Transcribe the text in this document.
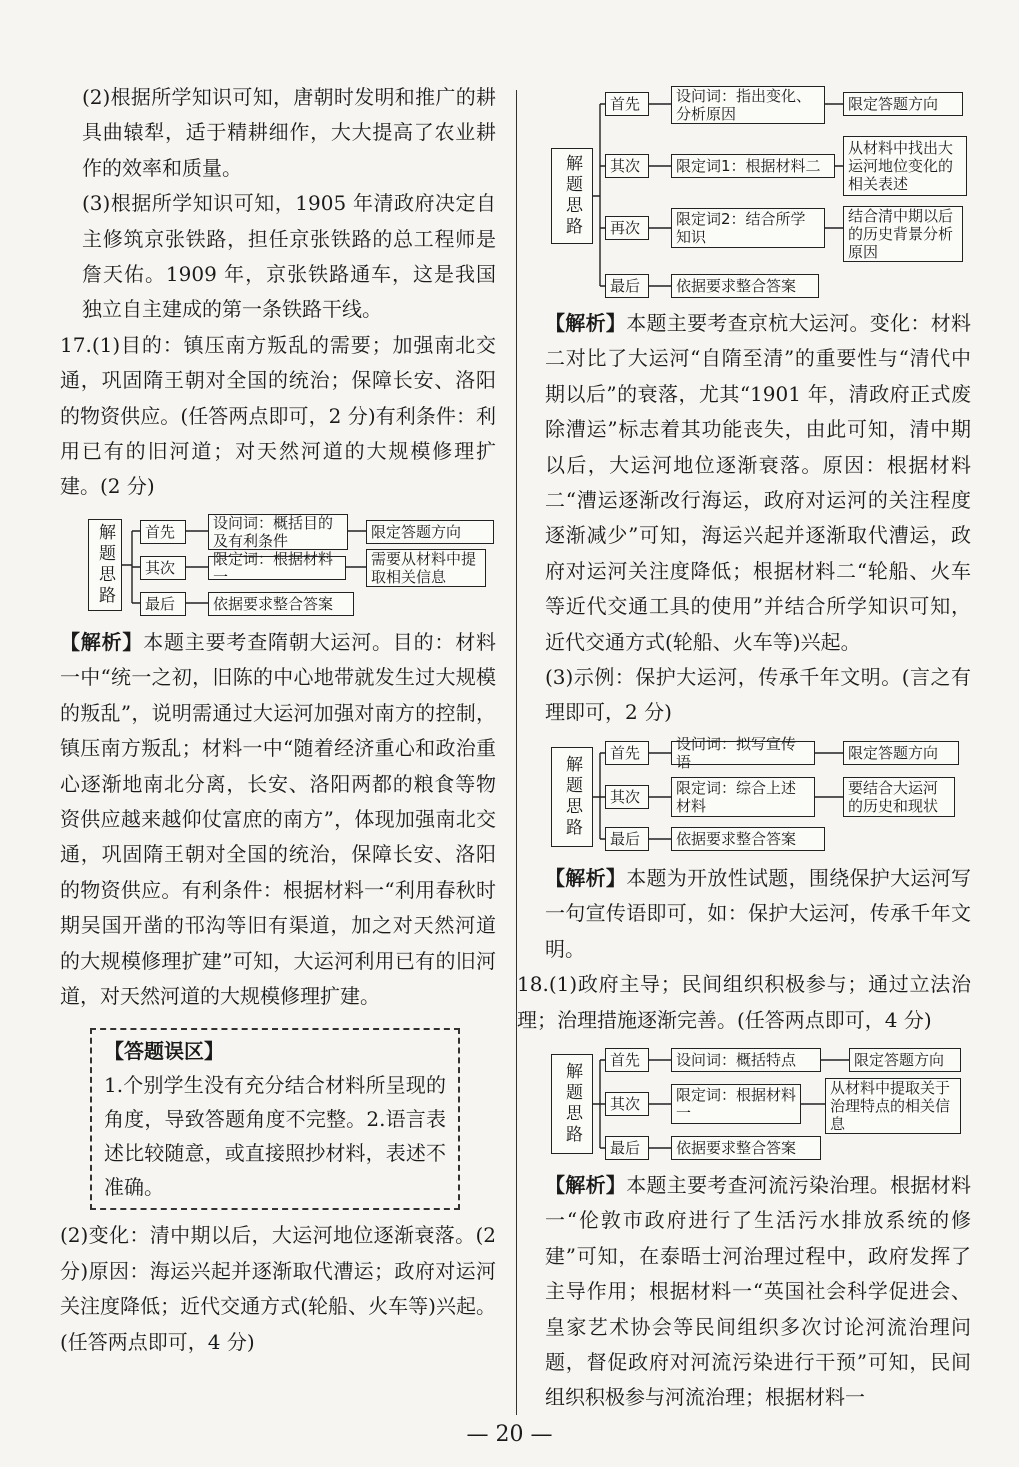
(2)根据所学知识可知，唐朝时发明和推广的耕具曲辕犁，适于精耕细作，大大提高了农业耕作的效率和质量。

(3)根据所学知识可知，1905 年清政府决定自主修筑京张铁路，担任京张铁路的总工程师是詹天佑。1909 年，京张铁路通车，这是我国独立自主建成的第一条铁路干线。

17.(1)目的：镇压南方叛乱的需要；加强南北交通，巩固隋王朝对全国的统治；保障长安、洛阳的物资供应。(任答两点即可，2 分)有利条件：利用已有的旧河道；对天然河道的大规模修理扩建。(2 分)

解题思路	首先
其次
最后
设问词：概括目的及有利条件
限定词：根据材料一
依据要求整合答案
限定答题方向
需要从材料中提取相关信息

【解析】本题主要考查隋朝大运河。目的：材料一中“统一之初，旧陈的中心地带就发生过大规模的叛乱”，说明需通过大运河加强对南方的控制，镇压南方叛乱；材料一中“随着经济重心和政治重心逐渐地南北分离，长安、洛阳两都的粮食等物资供应越来越仰仗富庶的南方”，体现加强南北交通，巩固隋王朝对全国的统治，保障长安、洛阳的物资供应。有利条件：根据材料一“利用春秋时期吴国开凿的邗沟等旧有渠道，加之对天然河道的大规模修理扩建”可知，大运河利用已有的旧河道，对天然河道的大规模修理扩建。

【答题误区】

1.个别学生没有充分结合材料所呈现的角度，导致答题角度不完整。2.语言表述比较随意，或直接照抄材料，表述不准确。

(2)变化：清中期以后，大运河地位逐渐衰落。(2 分)原因：海运兴起并逐渐取代漕运；政府对运河关注度降低；近代交通方式(轮船、火车等)兴起。(任答两点即可，4 分)

解题思路
首先
其次
再次
最后
设问词：指出变化、分析原因
限定词1：根据材料二
限定词2：结合所学知识
依据要求整合答案
限定答题方向
从材料中找出大运河地位变化的相关表述
结合清中期以后的历史背景分析原因

【解析】本题主要考查京杭大运河。变化：材料二对比了大运河“自隋至清”的重要性与“清代中期以后”的衰落，尤其“1901 年，清政府正式废除漕运”标志着其功能丧失，由此可知，清中期以后，大运河地位逐渐衰落。原因：根据材料二“漕运逐渐改行海运，政府对运河的关注程度逐渐减少”可知，海运兴起并逐渐取代漕运，政府对运河关注度降低；根据材料二“轮船、火车等近代交通工具的使用”并结合所学知识可知，近代交通方式(轮船、火车等)兴起。

(3)示例：保护大运河，传承千年文明。(言之有理即可，2 分)

解题思路
首先
其次
最后
设问词：拟写宣传语
限定词：综合上述材料
依据要求整合答案
限定答题方向
要结合大运河的历史和现状

【解析】本题为开放性试题，围绕保护大运河写一句宣传语即可，如：保护大运河，传承千年文明。

18.(1)政府主导；民间组织积极参与；通过立法治理；治理措施逐渐完善。(任答两点即可，4 分)

解题思路
首先
其次
最后
设问词：概括特点
限定词：根据材料一
依据要求整合答案
限定答题方向
从材料中提取关于治理特点的相关信息

【解析】本题主要考查河流污染治理。根据材料一“伦敦市政府进行了生活污水排放系统的修建”可知，在泰晤士河治理过程中，政府发挥了主导作用；根据材料一“英国社会科学促进会、皇家艺术协会等民间组织多次讨论河流治理问题，督促政府对河流污染进行干预”可知，民间组织积极参与河流治理；根据材料一

— 20 —
